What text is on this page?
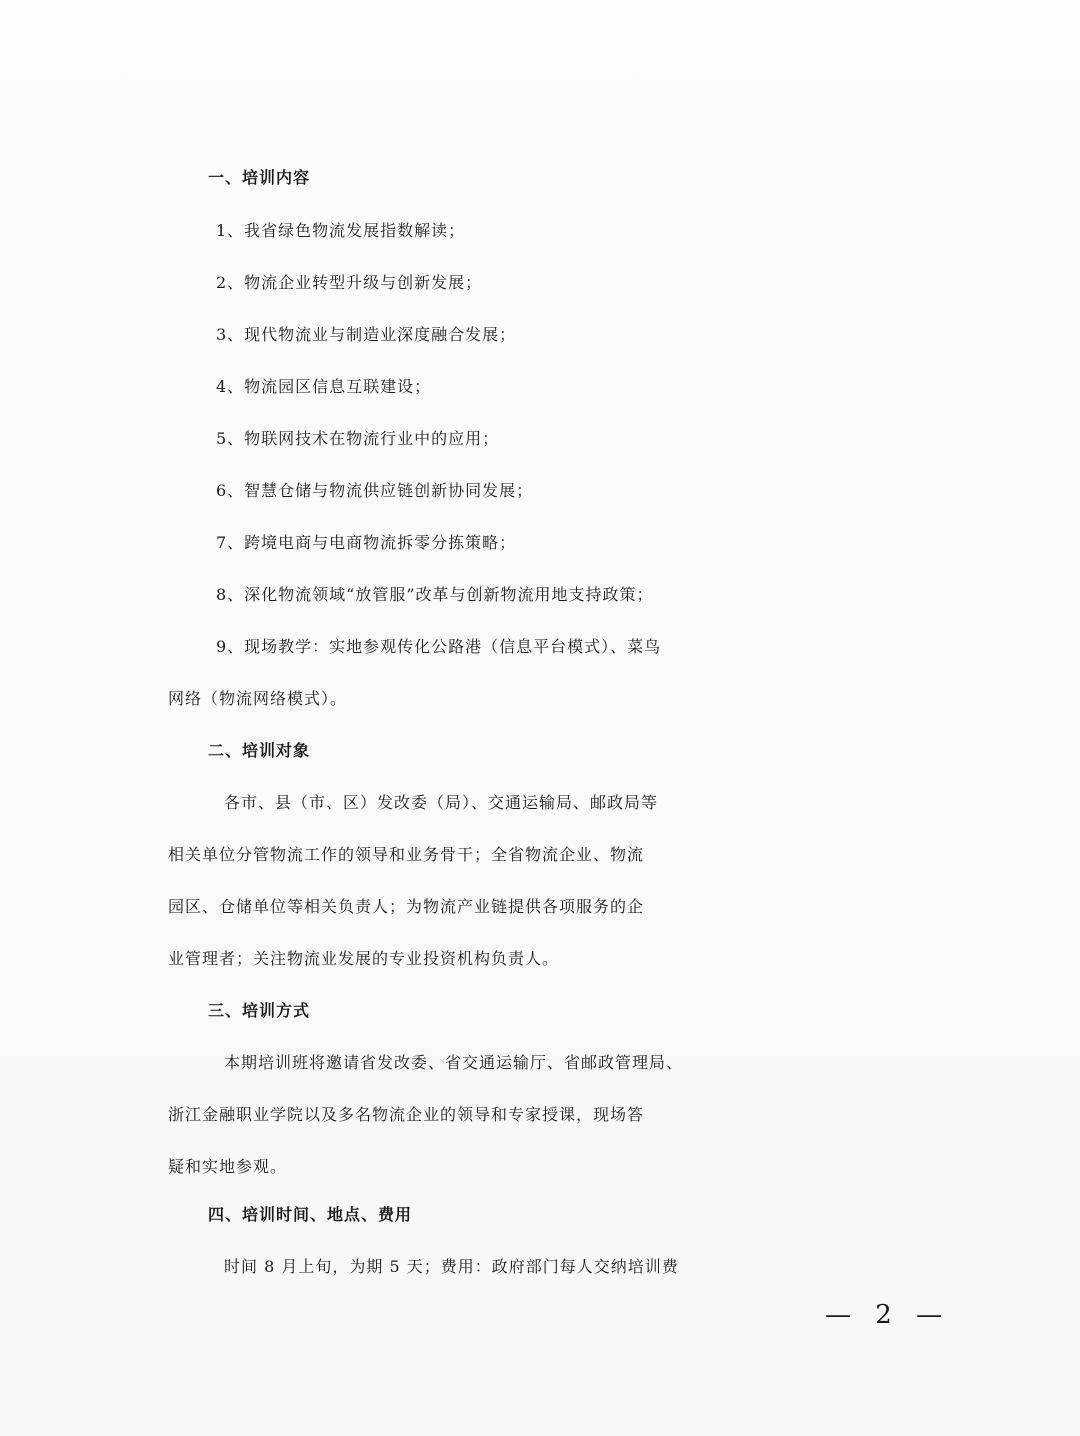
一、培训内容
1、我省绿色物流发展指数解读；
2、物流企业转型升级与创新发展；
3、现代物流业与制造业深度融合发展；
4、物流园区信息互联建设；
5、物联网技术在物流行业中的应用；
6、智慧仓储与物流供应链创新协同发展；
7、跨境电商与电商物流拆零分拣策略；
8、深化物流领域“放管服”改革与创新物流用地支持政策；
9、现场教学：实地参观传化公路港（信息平台模式）、菜鸟
网络（物流网络模式）。
二、培训对象
各市、县（市、区）发改委（局）、交通运输局、邮政局等
相关单位分管物流工作的领导和业务骨干；全省物流企业、物流
园区、仓储单位等相关负责人；为物流产业链提供各项服务的企
业管理者；关注物流业发展的专业投资机构负责人。
三、培训方式
本期培训班将邀请省发改委、省交通运输厅、省邮政管理局、
浙江金融职业学院以及多名物流企业的领导和专家授课，现场答
疑和实地参观。
四、培训时间、地点、费用
时间 8 月上旬，为期 5 天；费用：政府部门每人交纳培训费
— 2 —
